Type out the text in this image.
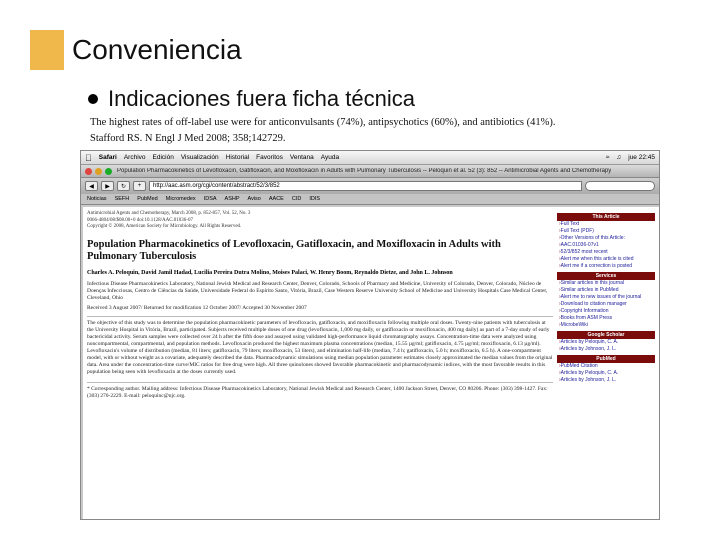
Conveniencia
Indicaciones fuera ficha técnica
The highest rates of off-label use were for anticonvulsants (74%), antipsychotics (60%), and antibiotics (41%).
Stafford RS. N Engl J Med 2008; 358;142729.
Safari Archivo Edición Visualización Historial Favoritos Ventana Ayuda	≈ ♫ jue 22:45
Population Pharmacokinetics of Levofloxacin, Gatifloxacin, and Moxifloxacin in Adults with Pulmonary Tuberculosis -- Peloquin et al. 52 (3): 852 -- Antimicrobial Agents and Chemotherapy
◀	▶	↻	+	http://aac.asm.org/cgi/content/abstract/52/3/852
Noticias SEFH PubMed Micromedex IDSA ASHP Aviso AACE CID IDIS
Antimicrobial Agents and Chemotherapy, March 2008, p. 852-857, Vol. 52, No. 3
0066-4804/08/$08.00+0 doi:10.1128/AAC.01036-07
Copyright © 2008, American Society for Microbiology. All Rights Reserved.
Population Pharmacokinetics of Levofloxacin, Gatifloxacin, and Moxifloxacin in Adults with Pulmonary Tuberculosis
Charles A. Peloquin, David Jamil Hadad, Lucilia Pereira Dutra Molino, Moises Palaci, W. Henry Boom, Reynaldo Dietze, and John L. Johnson
Infectious Disease Pharmacokinetics Laboratory, National Jewish Medical and Research Center, Denver, Colorado, Schools of Pharmacy and Medicine, University of Colorado, Denver, Colorado, Núcleo de Doenças Infecciosas, Centro de Ciências da Saúde, Universidade Federal do Espírito Santo, Vitória, Brazil, Case Western Reserve University School of Medicine and University Hospitals Case Medical Center, Cleveland, Ohio
Received 3 August 2007/ Returned for modification 12 October 2007/ Accepted 30 November 2007
The objective of this study was to determine the population pharmacokinetic parameters of levofloxacin, gatifloxacin, and moxifloxacin following multiple oral doses. Twenty-nine patients with tuberculosis at the University Hospital in Vitória, Brazil, participated. Subjects received multiple doses of one drug (levofloxacin, 1,000 mg daily, or gatifloxacin or moxifloxacin, 400 mg daily) as part of a 7-day study of early bactericidal activity. Serum samples were collected over 24 h after the fifth dose and assayed using validated high-performance liquid chromatography assays. Concentration-time data were analyzed using noncompartmental, compartmental, and population methods. Levofloxacin produced the highest maximum plasma concentrations (median, 15.55 µg/ml; gatifloxacin, 4.75 µg/ml; moxifloxacin, 6.13 µg/ml). Levofloxacin's volume of distribution (median, 81 liters; gatifloxacin, 79 liters; moxifloxacin, 53 liters), and elimination half-life (median, 7.4 h; gatifloxacin, 5.0 h; moxifloxacin, 6.5 h). A one-compartment model, with or without weight as a covariate, adequately described the data. Pharmacodynamic simulations using median population parameter estimates closely approximated the median values from the original data. Area under the concentration-time curve/MIC ratios for free drug were high. All three quinolones showed favorable pharmacokinetic and pharmacodynamic indices, with the most favorable results in this population being seen with levofloxacin at the doses currently used.
* Corresponding author. Mailing address: Infectious Disease Pharmacokinetics Laboratory, National Jewish Medical and Research Center, 1400 Jackson Street, Denver, CO 80206. Phone: (303) 398-1427. Fax: (303) 270-2229. E-mail: peloquinc@njc.org.
This Article
› Full Text
› Full Text (PDF)
› Other Versions of this Article:
› AAC.01036-07v1
› 52/3/852 most recent
› Alert me when this article is cited
› Alert me if a correction is posted
Services
› Similar articles in this journal
› Similar articles in PubMed
› Alert me to new issues of the journal
› Download to citation manager
› Copyright Information
› Books from ASM Press
› MicrobeWiki
Google Scholar
› Articles by Peloquin, C. A.
› Articles by Johnson, J. L.
PubMed
› PubMed Citation
› Articles by Peloquin, C. A.
› Articles by Johnson, J. L.
